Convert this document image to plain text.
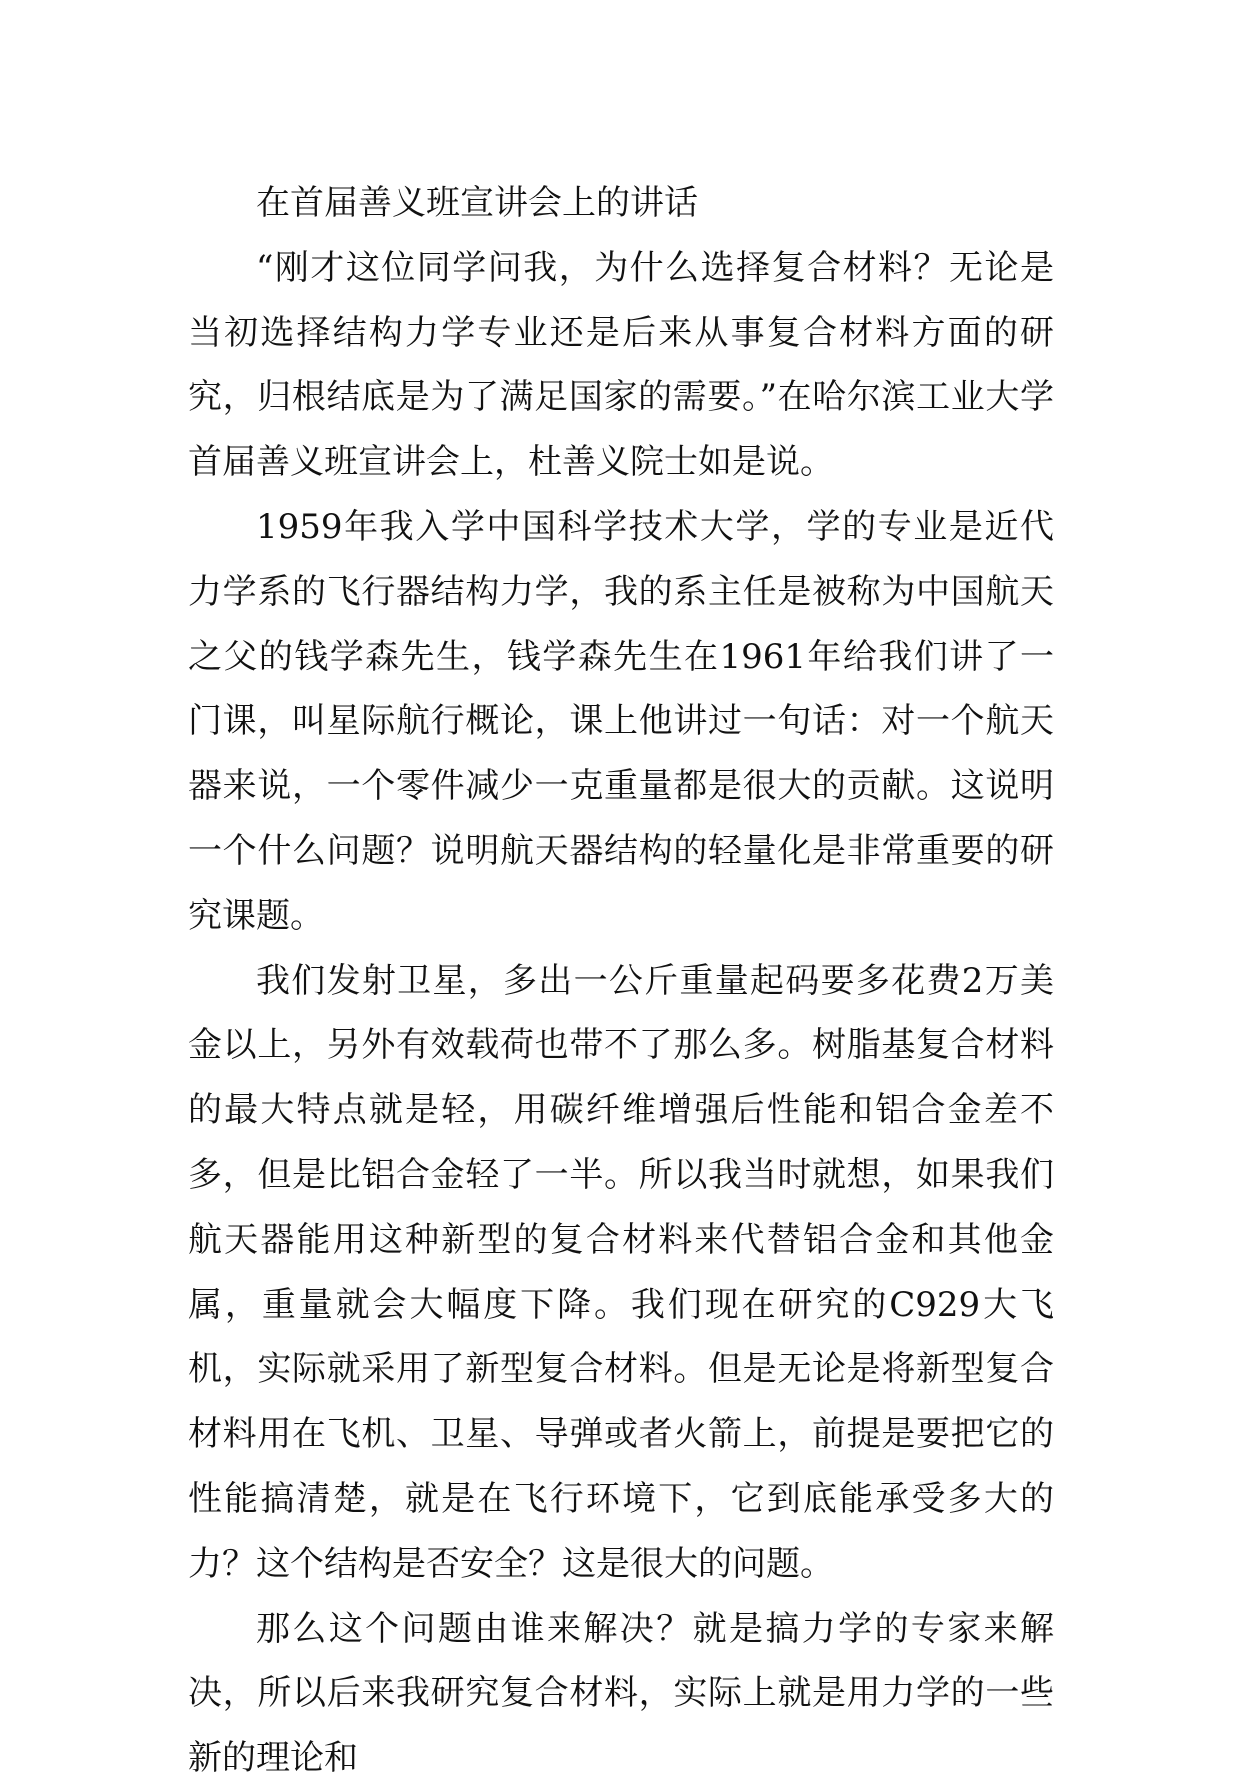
在首届善义班宣讲会上的讲话

“刚才这位同学问我，为什么选择复合材料？无论是当初选择结构力学专业还是后来从事复合材料方面的研究，归根结底是为了满足国家的需要。”在哈尔滨工业大学首届善义班宣讲会上，杜善义院士如是说。

1959年我入学中国科学技术大学，学的专业是近代力学系的飞行器结构力学，我的系主任是被称为中国航天之父的钱学森先生，钱学森先生在1961年给我们讲了一门课，叫星际航行概论，课上他讲过一句话：对一个航天器来说，一个零件减少一克重量都是很大的贡献。这说明一个什么问题？说明航天器结构的轻量化是非常重要的研究课题。

我们发射卫星，多出一公斤重量起码要多花费2万美金以上，另外有效载荷也带不了那么多。树脂基复合材料的最大特点就是轻，用碳纤维增强后性能和铝合金差不多，但是比铝合金轻了一半。所以我当时就想，如果我们航天器能用这种新型的复合材料来代替铝合金和其他金属，重量就会大幅度下降。我们现在研究的C929大飞机，实际就采用了新型复合材料。但是无论是将新型复合材料用在飞机、卫星、导弹或者火箭上，前提是要把它的性能搞清楚，就是在飞行环境下，它到底能承受多大的力？这个结构是否安全？这是很大的问题。

那么这个问题由谁来解决？就是搞力学的专家来解决，所以后来我研究复合材料，实际上就是用力学的一些新的理论和
